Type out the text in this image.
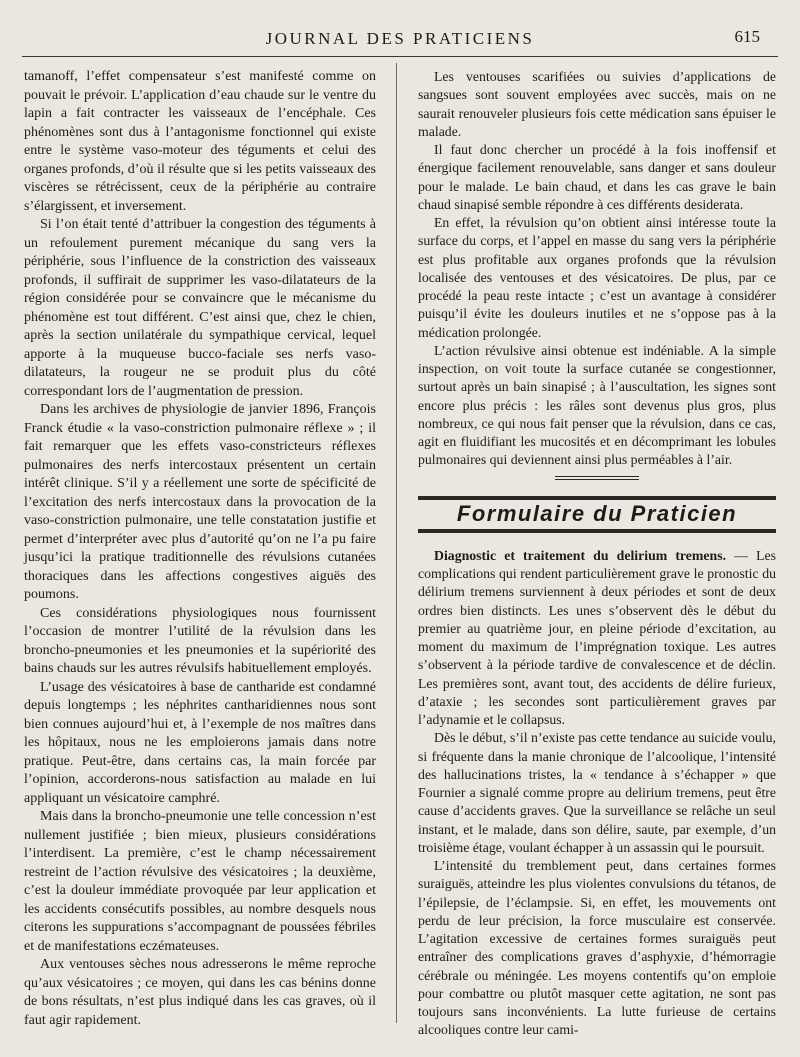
JOURNAL DES PRATICIENS	615

tamanoff, l’effet compensateur s’est manifesté comme on pouvait le prévoir. L’application d’eau chaude sur le ventre du lapin a fait contracter les vaisseaux de l’encéphale. Ces phénomènes sont dus à l’antagonisme fonctionnel qui existe entre le système vaso-moteur des téguments et celui des organes profonds, d’où il résulte que si les petits vaisseaux des viscères se rétrécissent, ceux de la périphérie au contraire s’élargissent, et inversement.

Si l’on était tenté d’attribuer la congestion des téguments à un refoulement purement mécanique du sang vers la périphérie, sous l’influence de la constriction des vaisseaux profonds, il suffirait de supprimer les vaso-dilatateurs de la région considérée pour se convaincre que le mécanisme du phénomène est tout différent. C’est ainsi que, chez le chien, après la section unilatérale du sympathique cervical, lequel apporte à la muqueuse bucco-faciale ses nerfs vaso-dilatateurs, la rougeur ne se produit plus du côté correspondant lors de l’augmentation de pression.

Dans les archives de physiologie de janvier 1896, François Franck étudie « la vaso-constriction pulmonaire réflexe » ; il fait remarquer que les effets vaso-constricteurs réflexes pulmonaires des nerfs intercostaux présentent un certain intérêt clinique. S’il y a réellement une sorte de spécificité de l’excitation des nerfs intercostaux dans la provocation de la vaso-constriction pulmonaire, une telle constatation justifie et permet d’interpréter avec plus d’autorité qu’on ne l’a pu faire jusqu’ici la pratique traditionnelle des révulsions cutanées thoraciques dans les affections congestives aiguës des poumons.

Ces considérations physiologiques nous fournissent l’occasion de montrer l’utilité de la révulsion dans les broncho-pneumonies et les pneumonies et la supériorité des bains chauds sur les autres révulsifs habituellement employés.

L’usage des vésicatoires à base de cantharide est condamné depuis longtemps ; les néphrites cantharidiennes nous sont bien connues aujourd’hui et, à l’exemple de nos maîtres dans les hôpitaux, nous ne les emploierons jamais dans notre pratique. Peut-être, dans certains cas, la main forcée par l’opinion, accorderons-nous satisfaction au malade en lui appliquant un vésicatoire camphré.

Mais dans la broncho-pneumonie une telle concession n’est nullement justifiée ; bien mieux, plusieurs considérations l’interdisent. La première, c’est le champ nécessairement restreint de l’action révulsive des vésicatoires ; la deuxième, c’est la douleur immédiate provoquée par leur application et les accidents consécutifs possibles, au nombre desquels nous citerons les suppurations s’accompagnant de poussées fébriles et de manifestations eczémateuses.

Aux ventouses sèches nous adresserons le même reproche qu’aux vésicatoires ; ce moyen, qui dans les cas bénins donne de bons résultats, n’est plus indiqué dans les cas graves, où il faut agir rapidement.

Les ventouses scarifiées ou suivies d’applications de sangsues sont souvent employées avec succès, mais on ne saurait renouveler plusieurs fois cette médication sans épuiser le malade.

Il faut donc chercher un procédé à la fois inoffensif et énergique facilement renouvelable, sans danger et sans douleur pour le malade. Le bain chaud, et dans les cas grave le bain chaud sinapisé semble répondre à ces différents desiderata.

En effet, la révulsion qu’on obtient ainsi intéresse toute la surface du corps, et l’appel en masse du sang vers la périphérie est plus profitable aux organes profonds que la révulsion localisée des ventouses et des vésicatoires. De plus, par ce procédé la peau reste intacte ; c’est un avantage à considérer puisqu’il évite les douleurs inutiles et ne s’oppose pas à la médication prolongée.

L’action révulsive ainsi obtenue est indéniable. A la simple inspection, on voit toute la surface cutanée se congestionner, surtout après un bain sinapisé ; à l’auscultation, les signes sont encore plus précis : les râles sont devenus plus gros, plus nombreux, ce qui nous fait penser que la révulsion, dans ce cas, agit en fluidifiant les mucosités et en décomprimant les lobules pulmonaires qui deviennent ainsi plus perméables à l’air.

Formulaire du Praticien

Diagnostic et traitement du delirium tremens. — Les complications qui rendent particulièrement grave le pronostic du délirium tremens surviennent à deux périodes et sont de deux ordres bien distincts. Les unes s’observent dès le début du premier au quatrième jour, en pleine période d’excitation, au moment du maximum de l’imprégnation toxique. Les autres s’observent à la période tardive de convalescence et de déclin. Les premières sont, avant tout, des accidents de délire furieux, d’ataxie ; les secondes sont particulièrement graves par l’adynamie et le collapsus.

Dès le début, s’il n’existe pas cette tendance au suicide voulu, si fréquente dans la manie chronique de l’alcoolique, l’intensité des hallucinations tristes, la « tendance à s’échapper » que Fournier a signalé comme propre au delirium tremens, peut être cause d’accidents graves. Que la surveillance se relâche un seul instant, et le malade, dans son délire, saute, par exemple, d’un troisième étage, voulant échapper à un assassin qui le poursuit.

L’intensité du tremblement peut, dans certaines formes suraiguës, atteindre les plus violentes convulsions du tétanos, de l’épilepsie, de l’éclampsie. Si, en effet, les mouvements ont perdu de leur précision, la force musculaire est conservée. L’agitation excessive de certaines formes suraiguës peut entraîner des complications graves d’asphyxie, d’hémorragie cérébrale ou méningée. Les moyens contentifs qu’on emploie pour combattre ou plutôt masquer cette agitation, ne sont pas toujours sans inconvénients. La lutte furieuse de certains alcooliques contre leur cami-
